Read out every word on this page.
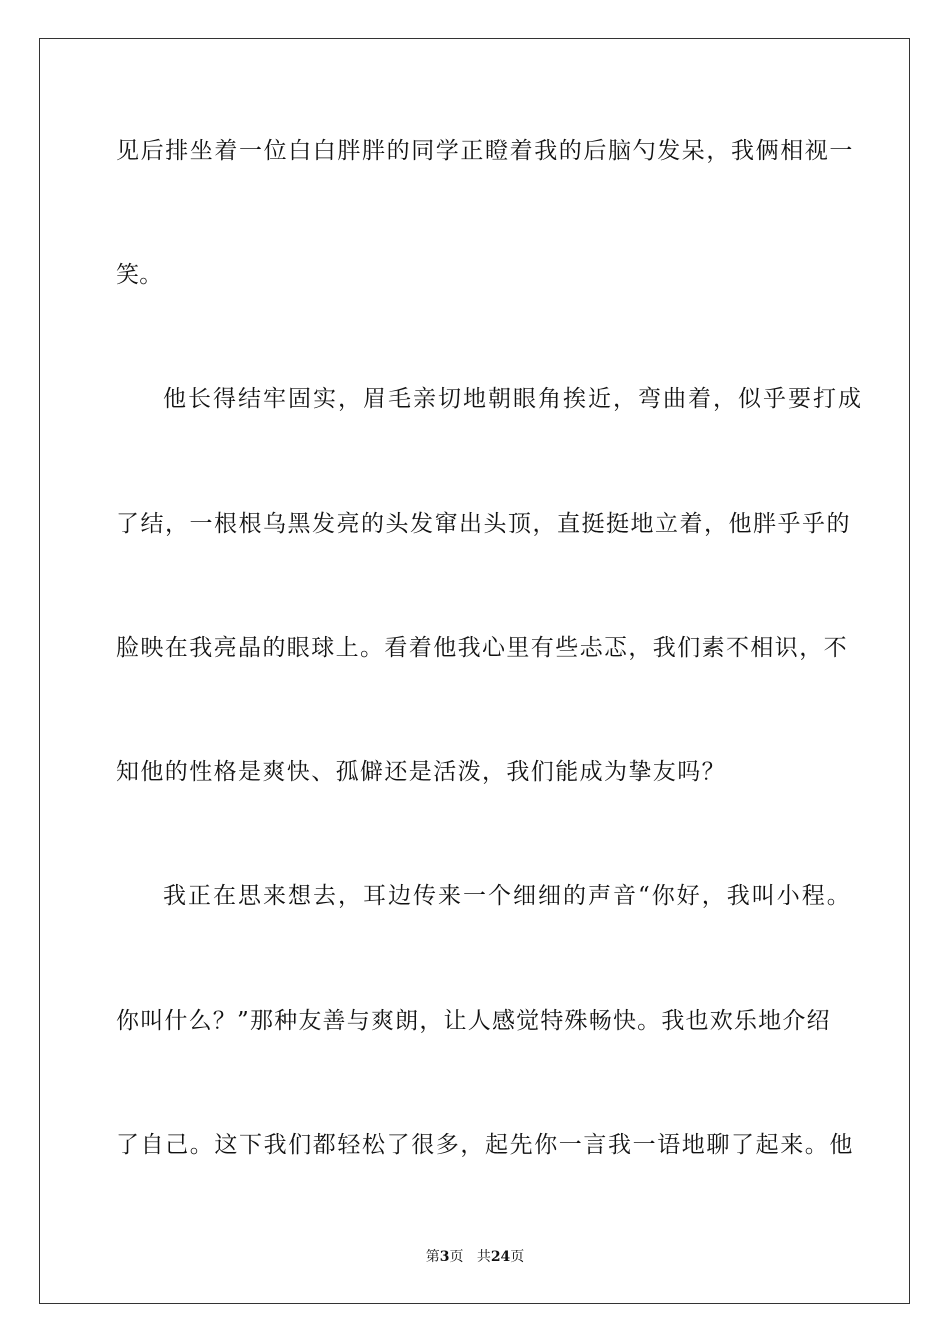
见后排坐着一位白白胖胖的同学正瞪着我的后脑勺发呆，我俩相视一
笑。
他长得结牢固实，眉毛亲切地朝眼角挨近，弯曲着，似乎要打成
了结，一根根乌黑发亮的头发窜出头顶，直挺挺地立着，他胖乎乎的
脸映在我亮晶的眼球上。看着他我心里有些忐忑，我们素不相识，不
知他的性格是爽快、孤僻还是活泼，我们能成为挚友吗？
我正在思来想去，耳边传来一个细细的声音“你好，我叫小程。
你叫什么？”那种友善与爽朗，让人感觉特殊畅快。我也欢乐地介绍
了自己。这下我们都轻松了很多，起先你一言我一语地聊了起来。他
第3页 共24页
